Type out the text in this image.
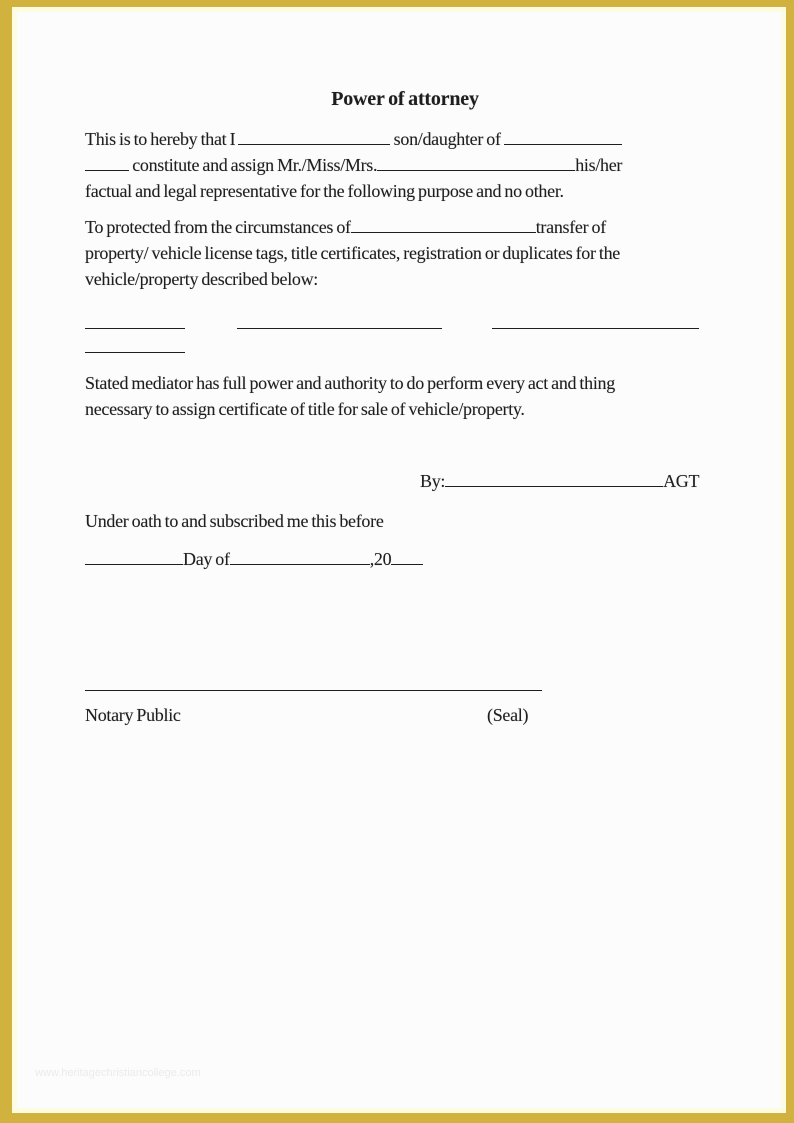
Power of attorney
This is to hereby that I	son/daughter of
constitute and assign Mr./Miss/Mrs.	his/her
factual and legal representative for the following purpose and no other.
To protected from the circumstances of	transfer of
property/ vehicle license tags, title certificates, registration or duplicates for the
vehicle/property described below:
Stated mediator has full power and authority to do perform every act and thing
necessary to assign certificate of title for sale of vehicle/property.
By:	AGT
Under oath to and subscribed me this before
Day of	,20
Notary Public	(Seal)
www.heritagechristiancollege.com
